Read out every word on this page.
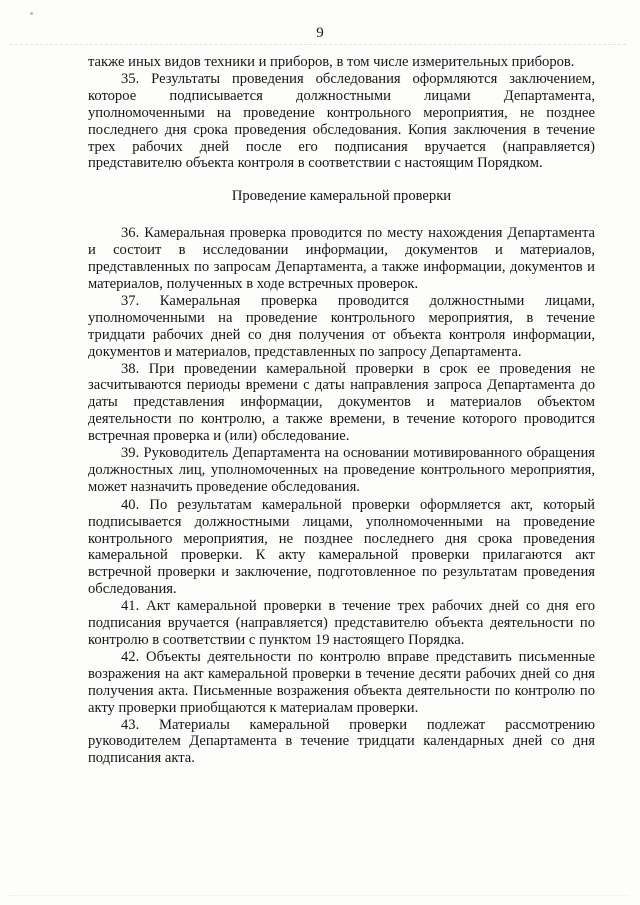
9

также иных видов техники и приборов, в том числе измерительных приборов.

35. Результаты проведения обследования оформляются заключением, которое подписывается должностными лицами Департамента, уполномоченными на проведение контрольного мероприятия, не позднее последнего дня срока проведения обследования. Копия заключения в течение трех рабочих дней после его подписания вручается (направляется) представителю объекта контроля в соответствии с настоящим Порядком.

Проведение камеральной проверки

36. Камеральная проверка проводится по месту нахождения Департамента и состоит в исследовании информации, документов и материалов, представленных по запросам Департамента, а также информации, документов и материалов, полученных в ходе встречных проверок.

37. Камеральная проверка проводится должностными лицами, уполномоченными на проведение контрольного мероприятия, в течение тридцати рабочих дней со дня получения от объекта контроля информации, документов и материалов, представленных по запросу Департамента.

38. При проведении камеральной проверки в срок ее проведения не засчитываются периоды времени с даты направления запроса Департамента до даты представления информации, документов и материалов объектом деятельности по контролю, а также времени, в течение которого проводится встречная проверка и (или) обследование.

39. Руководитель Департамента на основании мотивированного обращения должностных лиц, уполномоченных на проведение контрольного мероприятия, может назначить проведение обследования.

40. По результатам камеральной проверки оформляется акт, который подписывается должностными лицами, уполномоченными на проведение контрольного мероприятия, не позднее последнего дня срока проведения камеральной проверки. К акту камеральной проверки прилагаются акт встречной проверки и заключение, подготовленное по результатам проведения обследования.

41. Акт камеральной проверки в течение трех рабочих дней со дня его подписания вручается (направляется) представителю объекта деятельности по контролю в соответствии с пунктом 19 настоящего Порядка.

42. Объекты деятельности по контролю вправе представить письменные возражения на акт камеральной проверки в течение десяти рабочих дней со дня получения акта. Письменные возражения объекта деятельности по контролю по акту проверки приобщаются к материалам проверки.

43. Материалы камеральной проверки подлежат рассмотрению руководителем Департамента в течение тридцати календарных дней со дня подписания акта.
